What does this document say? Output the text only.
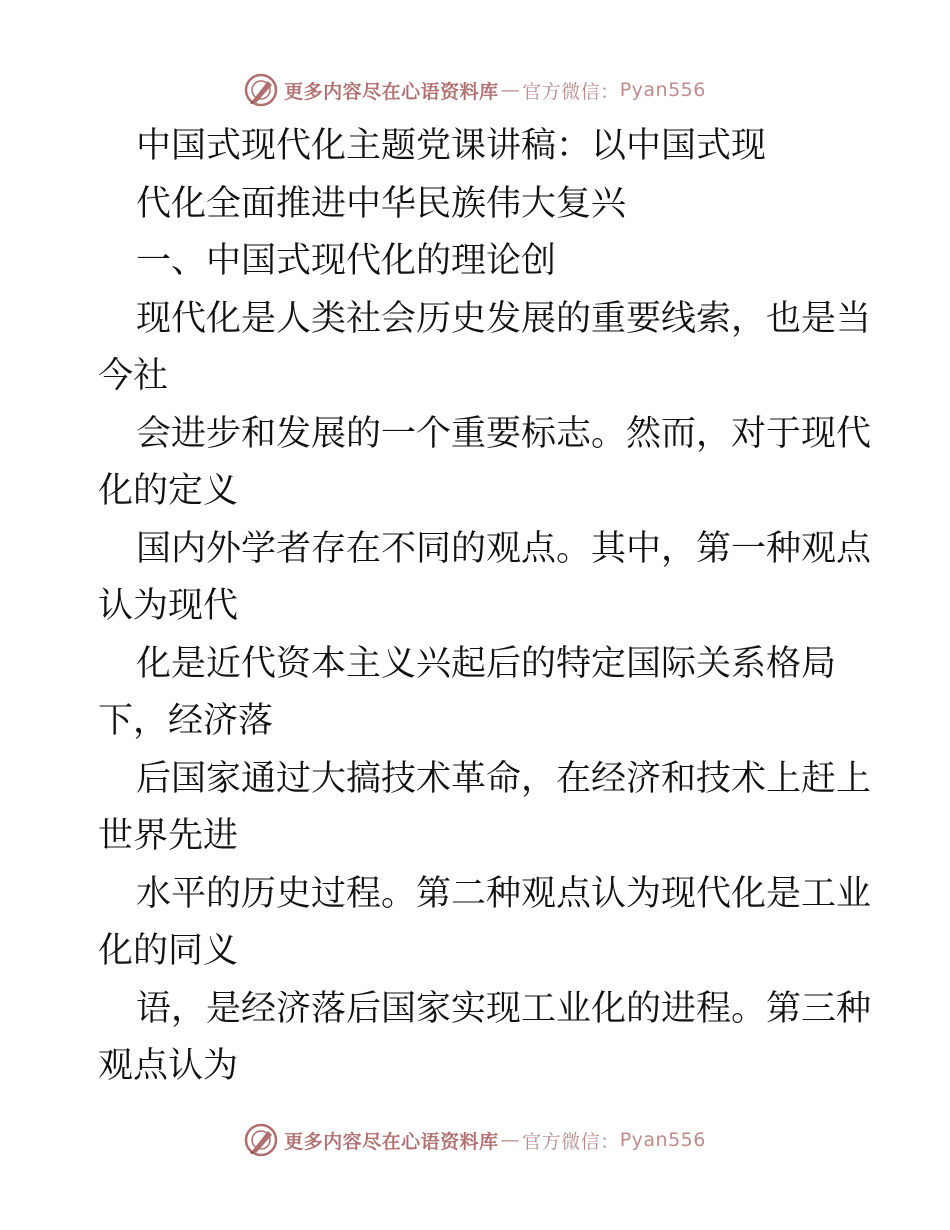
更多内容尽在心语资料库 — 官方微信： Pyan556
中国式现代化主题党课讲稿：以中国式现
代化全面推进中华民族伟大复兴
一、中国式现代化的理论创
现代化是人类社会历史发展的重要线索，也是当
今社
会进步和发展的一个重要标志。然而，对于现代
化的定义
国内外学者存在不同的观点。其中，第一种观点
认为现代
化是近代资本主义兴起后的特定国际关系格局
下，经济落
后国家通过大搞技术革命，在经济和技术上赶上
世界先进
水平的历史过程。第二种观点认为现代化是工业
化的同义
语，是经济落后国家实现工业化的进程。第三种
观点认为
更多内容尽在心语资料库 — 官方微信： Pyan556
